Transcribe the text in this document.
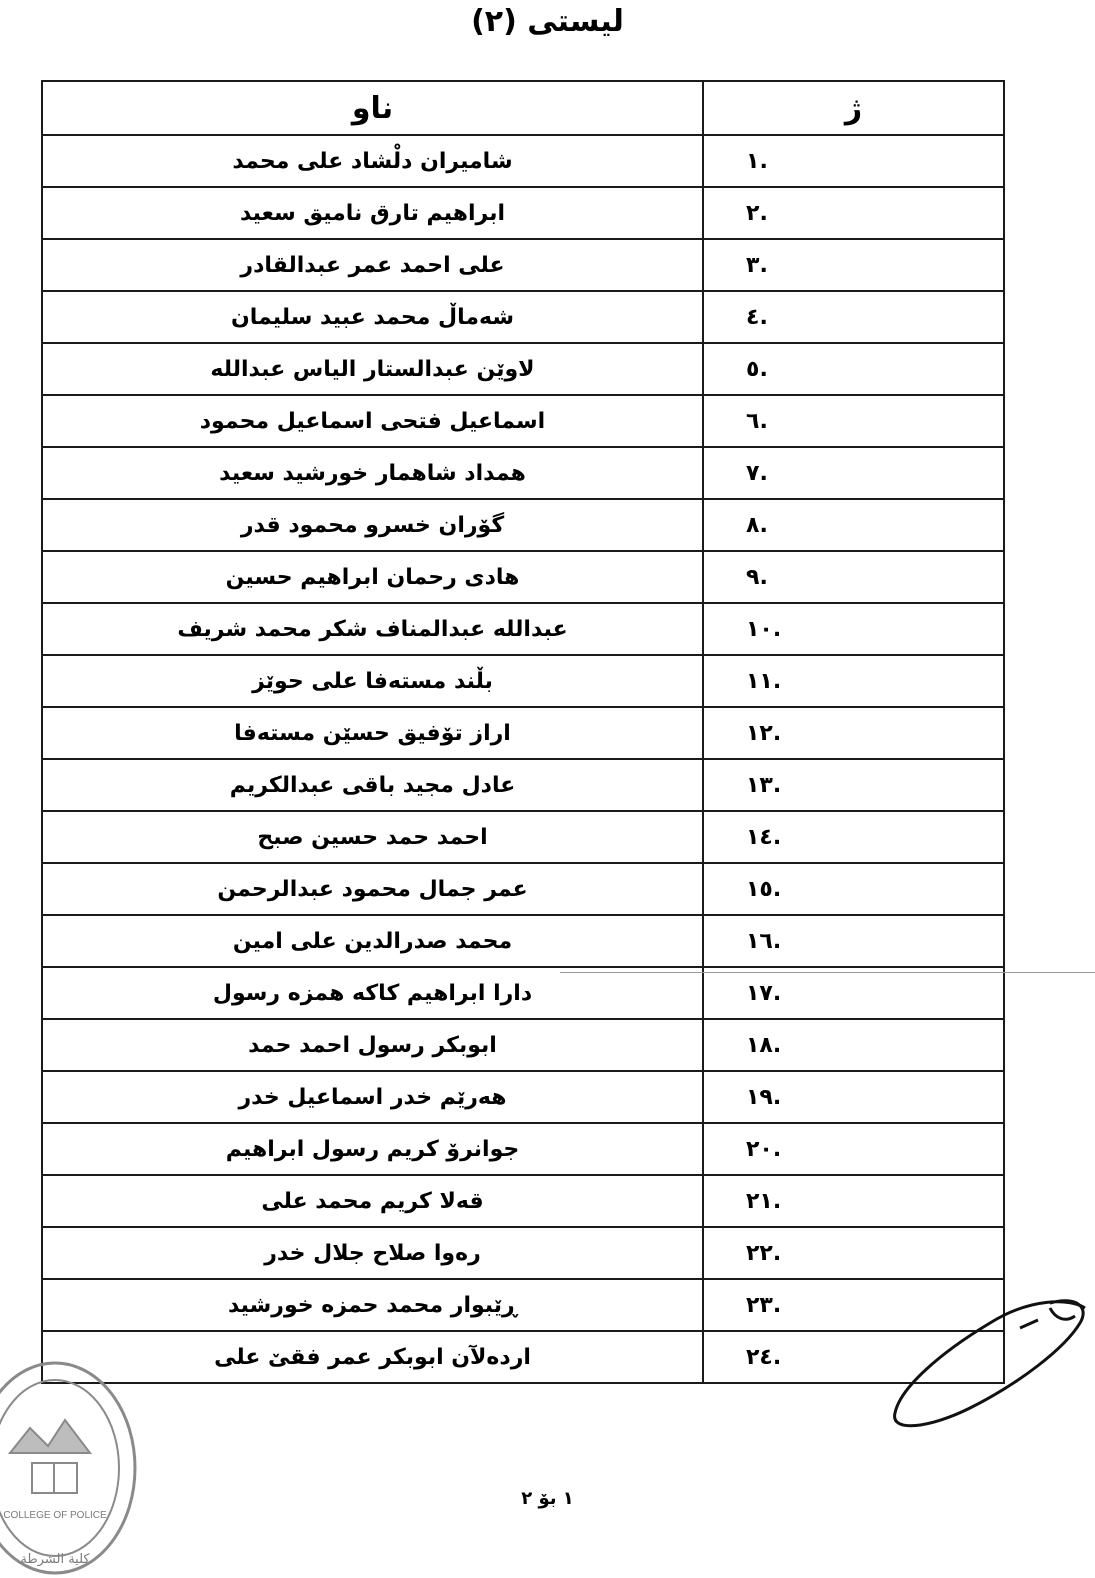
ليستى (٢)
ژ	ناو
.١	شاميران دلْشاد على محمد
.٢	ابراهيم تارق ناميق سعيد
.٣	على احمد عمر عبدالقادر
.٤	شەماڵ محمد عبيد سليمان
.٥	لاوێن عبدالستار الياس عبدالله
.٦	اسماعيل فتحى اسماعيل محمود
.٧	همداد شاهمار خورشيد سعيد
.٨	گۆران خسرو محمود قدر
.٩	هادى رحمان ابراهيم حسين
.١٠	عبدالله عبدالمناف شكر محمد شريف
.١١	بڵند مستەفا على حوێز
.١٢	اراز تۆفيق حسێن مستەفا
.١٣	عادل مجيد باقى عبدالكريم
.١٤	احمد حمد حسين صبح
.١٥	عمر جمال محمود عبدالرحمن
.١٦	محمد صدرالدين على امين
.١٧	دارا ابراهيم كاكه همزه رسول
.١٨	ابوبكر رسول احمد حمد
.١٩	هەرێم خدر اسماعيل خدر
.٢٠	جوانرۆ كريم رسول ابراهيم
.٢١	قەلا كريم محمد على
.٢٢	رەوا صلاح جلال خدر
.٢٣	ڕێبوار محمد حمزه خورشيد
.٢٤	اردەلآن ابوبكر عمر فقێ على
COLLEGE OF POLICE
كلية الشرطة
١ بۆ ٢
